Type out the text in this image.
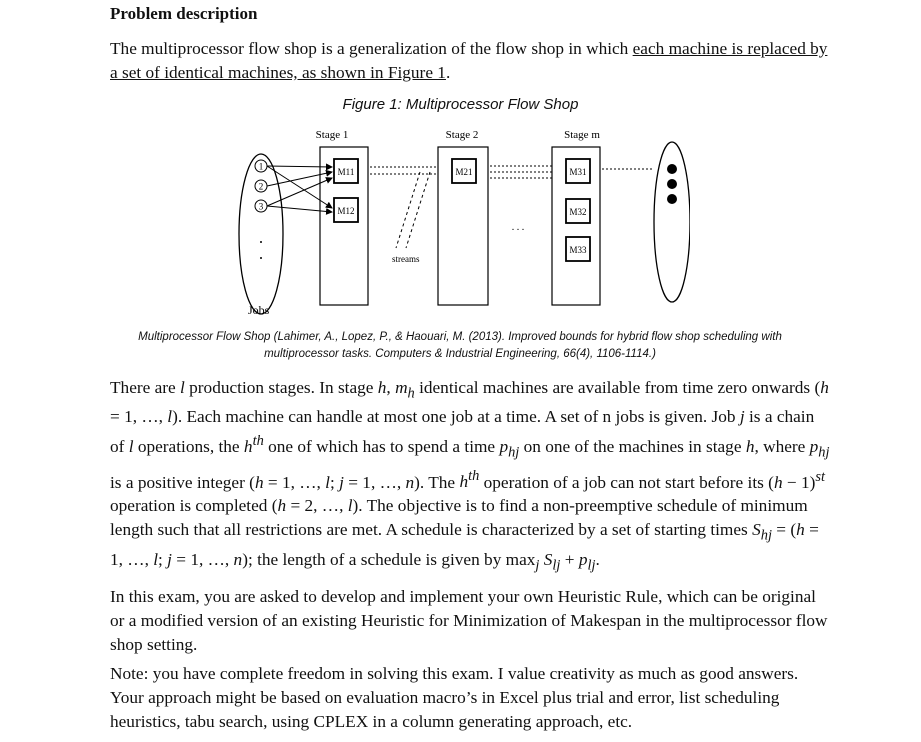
Problem description
The multiprocessor flow shop is a generalization of the flow shop in which each machine is replaced by a set of identical machines, as shown in Figure 1.
Figure 1: Multiprocessor Flow Shop
Stage 1	Stage 2	Stage m
1
2
3
M11
M12
streams
M21
. . .
M31
M32
M33
Jobs
Multiprocessor Flow Shop (Lahimer, A., Lopez, P., & Haouari, M. (2013). Improved bounds for hybrid flow shop scheduling with
multiprocessor tasks. Computers & Industrial Engineering, 66(4), 1106-1114.)
There are l production stages. In stage h, $m_h$ identical machines are available from time zero onwards (h = 1, …, l). Each machine can handle at most one job at a time. A set of n jobs is given. Job j is a chain of l operations, the $h^{th}$ one of which has to spend a time $p_{hj}$ on one of the machines in stage h, where $p_{hj}$ is a positive integer (h = 1, …, l; j = 1, …, n). The $h^{th}$ operation of a job can not start before its $(h - 1)^{st}$ operation is completed (h = 2, …, l). The objective is to find a non-preemptive schedule of minimum length such that all restrictions are met. A schedule is characterized by a set of starting times $S_{hj} = (h = 1$, …, l; j = 1, …, n); the length of a schedule is given by $\max_j S_{lj} + p_{lj}$.
In this exam, you are asked to develop and implement your own Heuristic Rule, which can be original or a modified version of an existing Heuristic for Minimization of Makespan in the multiprocessor flow shop setting.
Note: you have complete freedom in solving this exam. I value creativity as much as good answers. Your approach might be based on evaluation macro’s in Excel plus trial and error, list scheduling heuristics, tabu search, using CPLEX in a column generating approach, etc.
